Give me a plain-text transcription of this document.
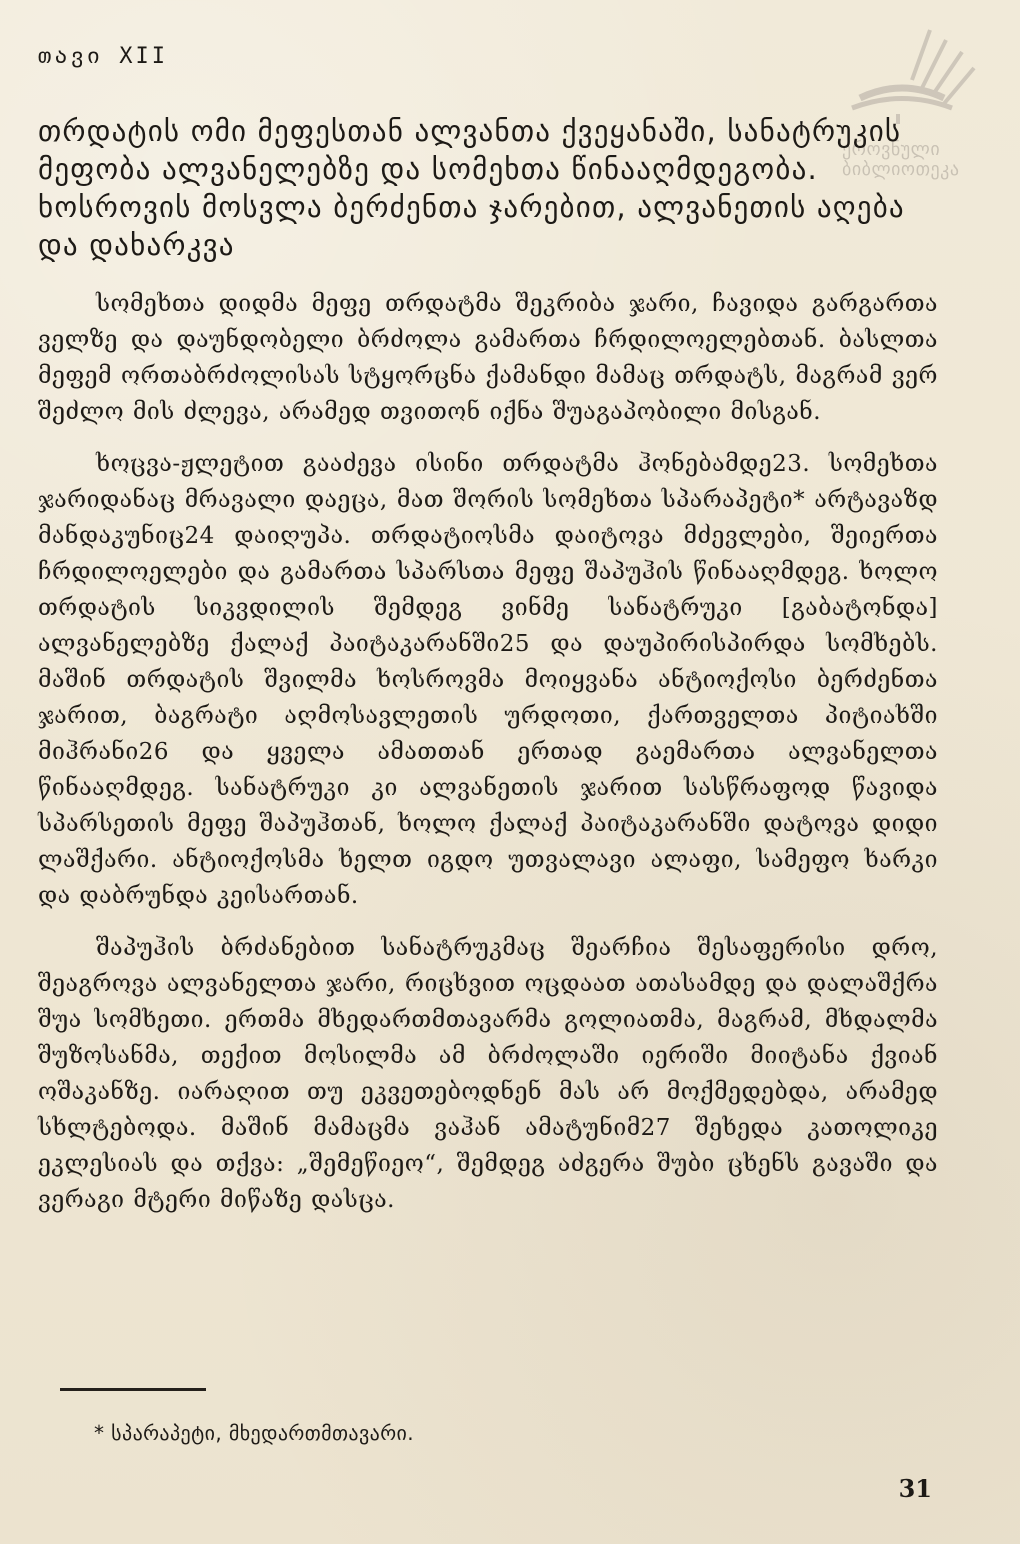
ეროვნული ბიბლიოთეკა
თავი XII

თრდატის ომი მეფესთან ალვანთა ქვეყანაში, სანატრუკის

მეფობა ალვანელებზე და სომეხთა წინააღმდეგობა.

ხოსროვის მოსვლა ბერძენთა ჯარებით, ალვანეთის აღება

და დახარკვა

სომეხთა დიდმა მეფე თრდატმა შეკრიბა ჯარი, ჩავიდა გარგართა ველზე და დაუნდობელი ბრძოლა გამართა ჩრდილოელებთან. ბასლთა მეფემ ორთაბრძოლისას სტყორცნა ქამანდი მამაც თრდატს, მაგრამ ვერ შეძლო მის ძლევა, არამედ თვითონ იქნა შუაგაპობილი მისგან.

ხოცვა-ჟლეტით გააძევა ისინი თრდატმა ჰონებამდე23. სომეხთა ჯარიდანაც მრავალი დაეცა, მათ შორის სომეხთა სპარაპეტი* არტავაზდ მანდაკუნიც24 დაიღუპა. თრდატიოსმა დაიტოვა მძევლები, შეიერთა ჩრდილოელები და გამართა სპარსთა მეფე შაპუჰის წინააღმდეგ. ხოლო თრდატის სიკვდილის შემდეგ ვინმე სანატრუკი [გაბატონდა] ალვანელებზე ქალაქ პაიტაკარანში25 და დაუპირისპირდა სომხებს. მაშინ თრდატის შვილმა ხოსროვმა მოიყვანა ანტიოქოსი ბერძენთა ჯარით, ბაგრატი აღმოსავლეთის ურდოთი, ქართველთა პიტიახში მიჰრანი26 და ყველა ამათთან ერთად გაემართა ალვანელთა წინააღმდეგ. სანატრუკი კი ალვანეთის ჯარით სასწრაფოდ წავიდა სპარსეთის მეფე შაპუჰთან, ხოლო ქალაქ პაიტაკარანში დატოვა დიდი ლაშქარი. ანტიოქოსმა ხელთ იგდო უთვალავი ალაფი, სამეფო ხარკი და დაბრუნდა კეისართან.

შაპუჰის ბრძანებით სანატრუკმაც შეარჩია შესაფერისი დრო, შეაგროვა ალვანელთა ჯარი, რიცხვით ოცდაათ ათასამდე და დალაშქრა შუა სომხეთი. ერთმა მხედართმთავარმა გოლიათმა, მაგრამ, მხდალმა შუზოსანმა, თექით მოსილმა ამ ბრძოლაში იერიში მიიტანა ქვიან ოშაკანზე. იარაღით თუ ეკვეთებოდნენ მას არ მოქმედებდა, არამედ სხლტებოდა. მაშინ მამაცმა ვაჰან ამატუნიმ27 შეხედა კათოლიკე ეკლესიას და თქვა: „შემეწიეო“, შემდეგ აძგერა შუბი ცხენს გავაში და ვერაგი მტერი მიწაზე დასცა.

* სპარაპეტი, მხედართმთავარი.
31
